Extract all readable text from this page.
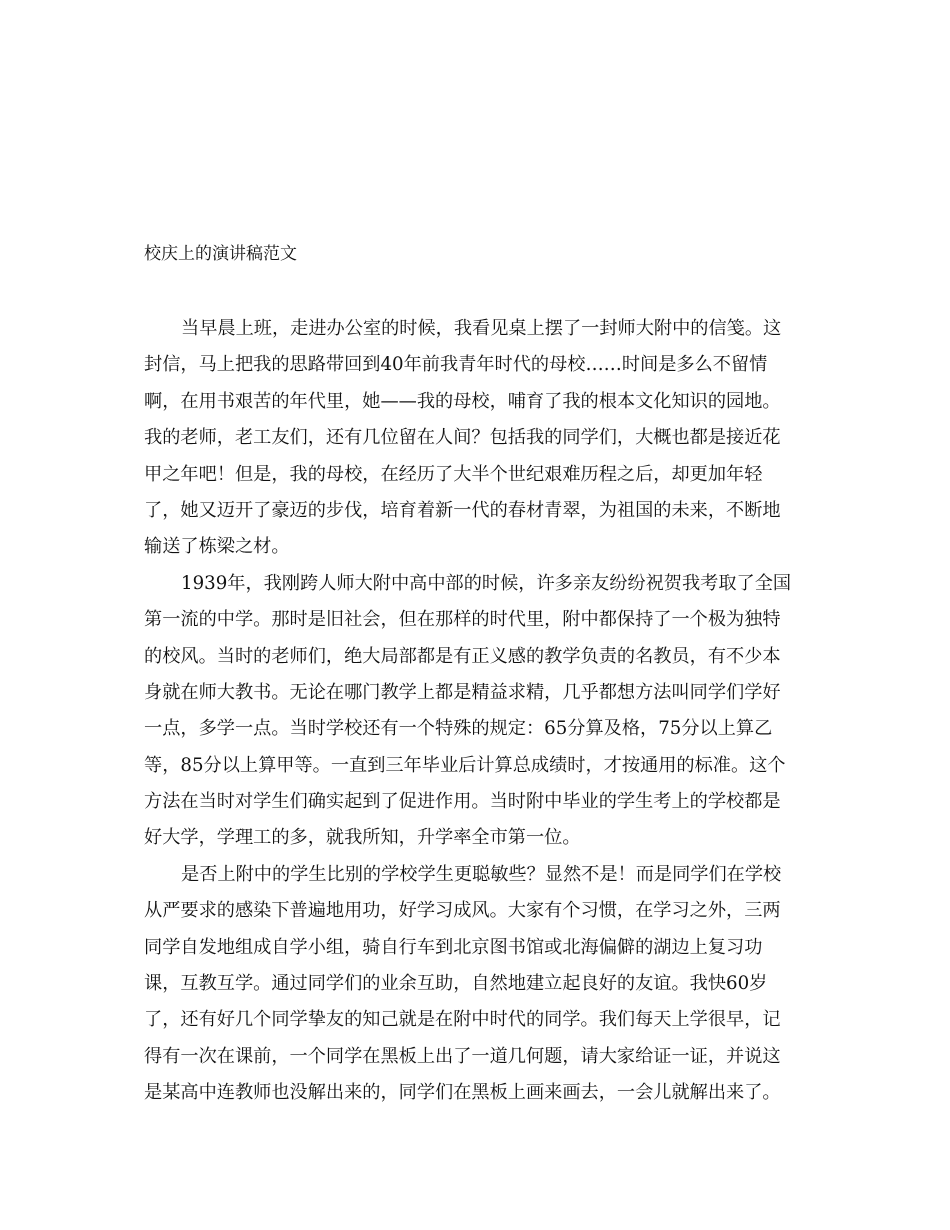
校庆上的演讲稿范文
当早晨上班，走进办公室的时候，我看见桌上摆了一封师大附中的信笺。这
封信，马上把我的思路带回到40年前我青年时代的母校……时间是多么不留情
啊，在用书艰苦的年代里，她——我的母校，哺育了我的根本文化知识的园地。
我的老师，老工友们，还有几位留在人间？包括我的同学们，大概也都是接近花
甲之年吧！但是，我的母校，在经历了大半个世纪艰难历程之后，却更加年轻
了，她又迈开了豪迈的步伐，培育着新一代的春材青翠，为祖国的未来，不断地
输送了栋梁之材。
1939年，我刚跨人师大附中高中部的时候，许多亲友纷纷祝贺我考取了全国
第一流的中学。那时是旧社会，但在那样的时代里，附中都保持了一个极为独特
的校风。当时的老师们，绝大局部都是有正义感的教学负责的名教员，有不少本
身就在师大教书。无论在哪门教学上都是精益求精，几乎都想方法叫同学们学好
一点，多学一点。当时学校还有一个特殊的规定：65分算及格，75分以上算乙
等，85分以上算甲等。一直到三年毕业后计算总成绩时，才按通用的标准。这个
方法在当时对学生们确实起到了促进作用。当时附中毕业的学生考上的学校都是
好大学，学理工的多，就我所知，升学率全市第一位。
是否上附中的学生比别的学校学生更聪敏些？显然不是！而是同学们在学校
从严要求的感染下普遍地用功，好学习成风。大家有个习惯，在学习之外，三两
同学自发地组成自学小组，骑自行车到北京图书馆或北海偏僻的湖边上复习功
课，互教互学。通过同学们的业余互助，自然地建立起良好的友谊。我快60岁
了，还有好几个同学挚友的知己就是在附中时代的同学。我们每天上学很早，记
得有一次在课前，一个同学在黑板上出了一道几何题，请大家给证一证，并说这
是某高中连教师也没解出来的，同学们在黑板上画来画去，一会儿就解出来了。
